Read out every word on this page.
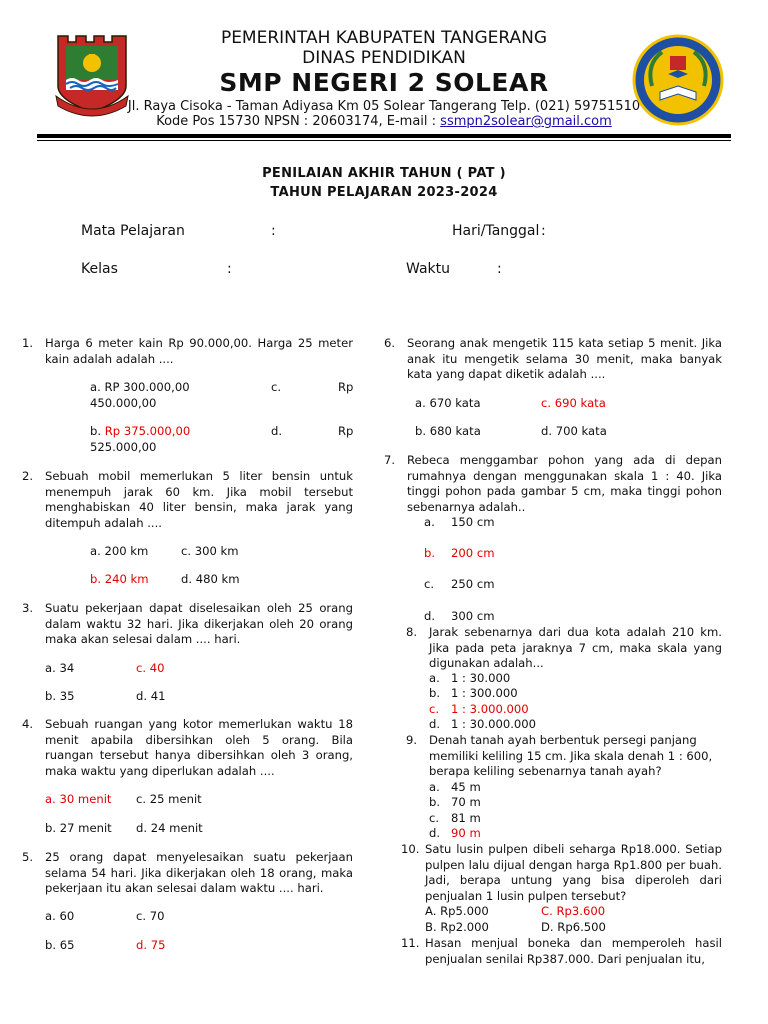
PEMERINTAH KABUPATEN TANGERANG
DINAS PENDIDIKAN
SMP NEGERI 2 SOLEAR
Jl. Raya Cisoka - Taman Adiyasa Km 05 Solear Tangerang Telp. (021) 59751510
Kode Pos 15730 NPSN : 20603174, E-mail : ssmpn2solear@gmail.com
PENILAIAN AKHIR TAHUN ( PAT )
TAHUN PELAJARAN 2023-2024
Mata Pelajaran	:	Hari/Tanggal :
Kelas	:	Waktu	:
1.	Harga 6 meter kain Rp 90.000,00. Harga 25 meter kain adalah adalah ....
a. RP 300.000,00	c.	Rp
450.000,00
b. Rp 375.000,00	d.	Rp
525.000,00
2.	Sebuah mobil memerlukan 5 liter bensin untuk menempuh jarak 60 km. Jika mobil tersebut menghabiskan 40 liter bensin, maka jarak yang ditempuh adalah ....
a. 200 km	c. 300 km
b. 240 km	d. 480 km
3.	Suatu pekerjaan dapat diselesaikan oleh 25 orang dalam waktu 32 hari. Jika dikerjakan oleh 20 orang maka akan selesai dalam .... hari.
a. 34	c. 40
b. 35	d. 41
4.	Sebuah ruangan yang kotor memerlukan waktu 18 menit apabila dibersihkan oleh 5 orang. Bila ruangan tersebut hanya dibersihkan oleh 3 orang, maka waktu yang diperlukan adalah ....
a. 30 menit c. 25 menit
b. 27 menit d. 24 menit
5.	25 orang dapat menyelesaikan suatu pekerjaan selama 54 hari. Jika dikerjakan oleh 18 orang, maka pekerjaan itu akan selesai dalam waktu .... hari.
a. 60	c. 70
b. 65	d. 75
6.	Seorang anak mengetik 115 kata setiap 5 menit. Jika anak itu mengetik selama 30 menit, maka banyak kata yang dapat diketik adalah ....
a. 670 kata	c. 690 kata
b. 680 kata	d. 700 kata
7.	Rebeca menggambar pohon yang ada di depan rumahnya dengan menggunakan skala 1 : 40. Jika tinggi pohon pada gambar 5 cm, maka tinggi pohon sebenarnya adalah..
a. 150 cm
b. 200 cm
c. 250 cm
d. 300 cm
8.	Jarak sebenarnya dari dua kota adalah 210 km. Jika pada peta jaraknya 7 cm, maka skala yang digunakan adalah...
a. 1 : 30.000
b. 1 : 300.000
c. 1 : 3.000.000
d. 1 : 30.000.000
9.	Denah tanah ayah berbentuk persegi panjang
memiliki keliling 15 cm. Jika skala denah 1 : 600,
berapa keliling sebenarnya tanah ayah?
a. 45 m
b. 70 m
c. 81 m
d. 90 m
10. Satu lusin pulpen dibeli seharga Rp18.000. Setiap pulpen lalu dijual dengan harga Rp1.800 per buah. Jadi, berapa untung yang bisa diperoleh dari penjualan 1 lusin pulpen tersebut?
A. Rp5.000	C. Rp3.600
B. Rp2.000	D. Rp6.500
11. Hasan menjual boneka dan memperoleh hasil penjualan senilai Rp387.000. Dari penjualan itu,
